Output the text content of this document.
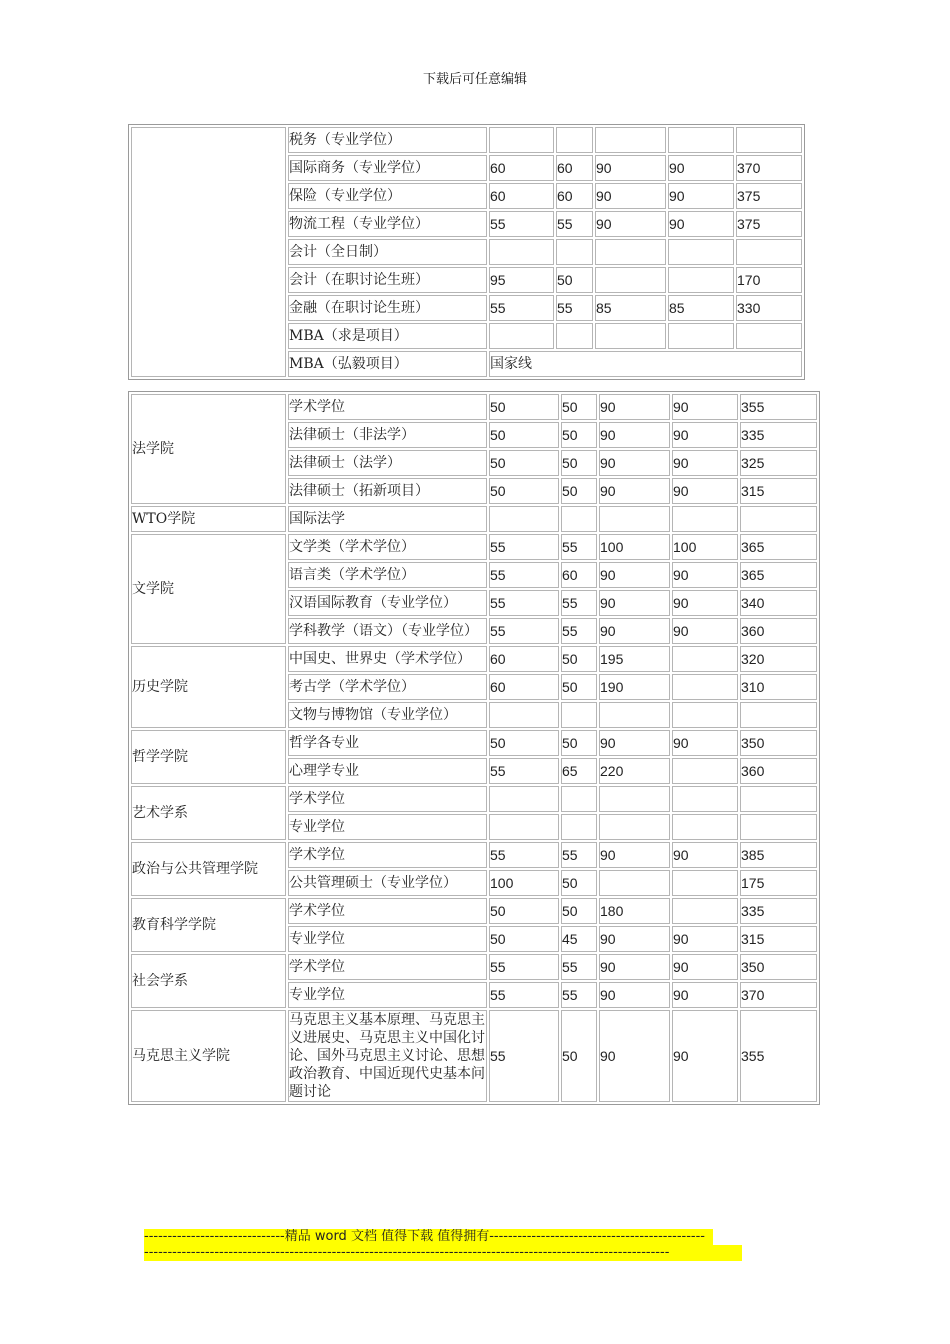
下载后可任意编辑
	税务（专业学位）					
	国际商务（专业学位）	60	60	90	90	370
	保险（专业学位）	60	60	90	90	375
	物流工程（专业学位）	55	55	90	90	375
	会计（全日制）					
	会计（在职讨论生班）	95	50			170
	金融（在职讨论生班）	55	55	85	85	330
	MBA（求是项目）					
	MBA（弘毅项目）	国家线				
法学院	学术学位	50	50	90	90	355
	法律硕士（非法学）	50	50	90	90	335
	法律硕士（法学）	50	50	90	90	325
	法律硕士（拓新项目）	50	50	90	90	315
WTO学院	国际法学					
文学院	文学类（学术学位）	55	55	100	100	365
	语言类（学术学位）	55	60	90	90	365
	汉语国际教育（专业学位）	55	55	90	90	340
	学科教学（语文）（专业学位）	55	55	90	90	360
历史学院	中国史、世界史（学术学位）	60	50	195		320
	考古学（学术学位）	60	50	190		310
	文物与博物馆（专业学位）					
哲学学院	哲学各专业	50	50	90	90	350
	心理学专业	55	65	220		360
艺术学系	学术学位					
	专业学位					
政治与公共管理学院	学术学位	55	55	90	90	385
	公共管理硕士（专业学位）	100	50			175
教育科学学院	学术学位	50	50	180		335
	专业学位	50	45	90	90	315
社会学系	学术学位	55	55	90	90	350
	专业学位	55	55	90	90	370
马克思主义学院	马克思主义基本原理、马克思主义进展史、马克思主义中国化讨论、国外马克思主义讨论、思想政治教育、中国近现代史基本问题讨论	55	50	90	90	355
------------------------------精品 word 文档 值得下载 值得拥有----------------------------------------------
----------------------------------------------------------------------------------------------------------------
